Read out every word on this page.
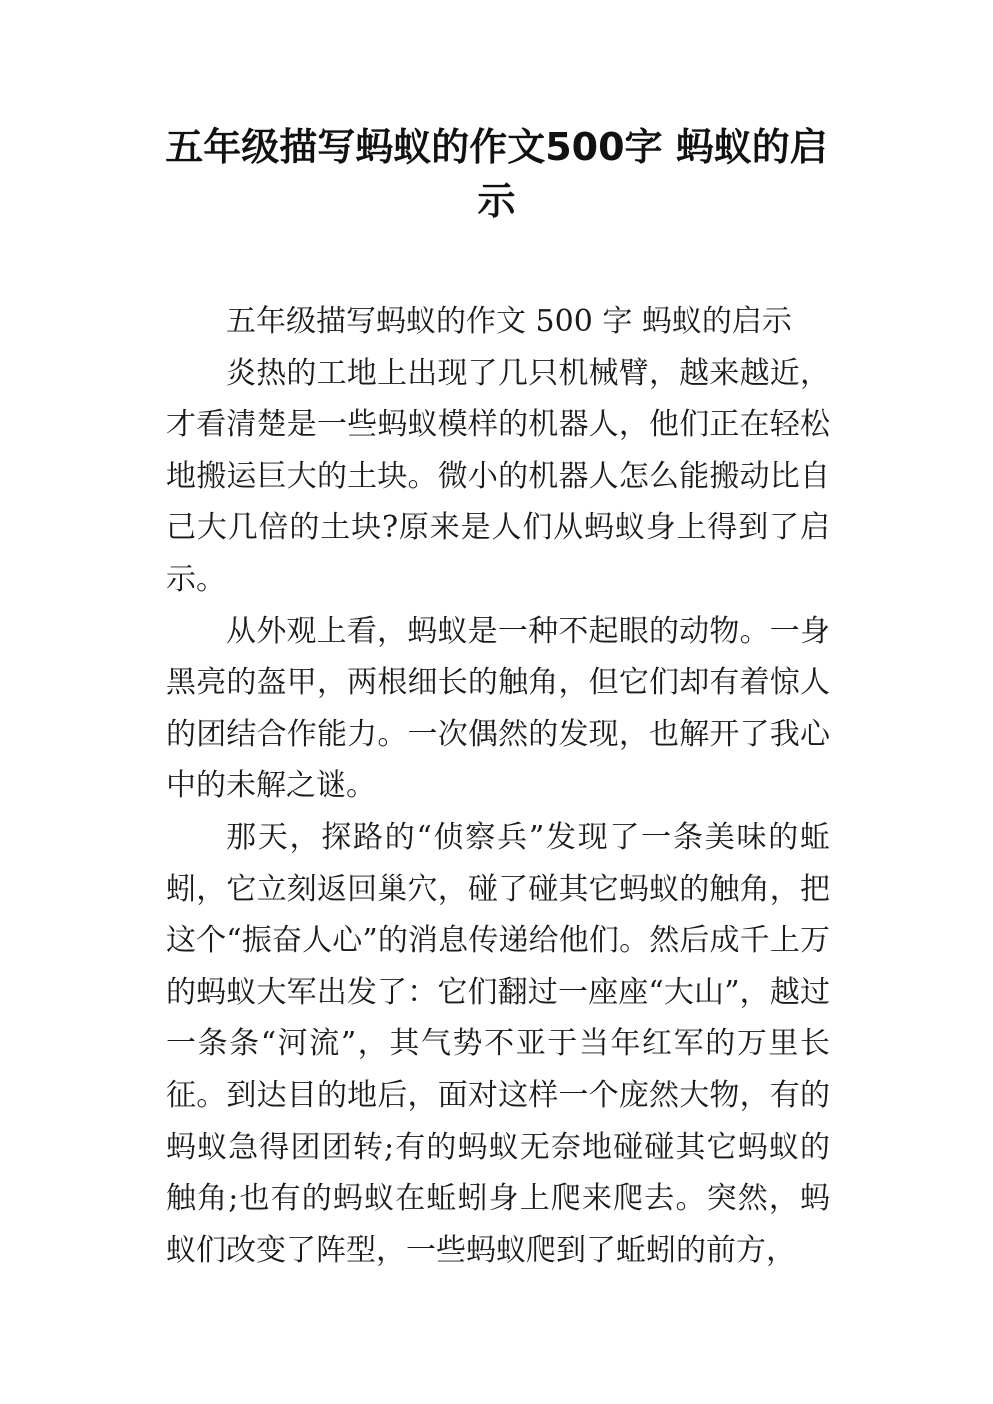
五年级描写蚂蚁的作文500字 蚂蚁的启示

五年级描写蚂蚁的作文 500 字 蚂蚁的启示

炎热的工地上出现了几只机械臂，越来越近，才看清楚是一些蚂蚁模样的机器人，他们正在轻松地搬运巨大的土块。微小的机器人怎么能搬动比自己大几倍的土块?原来是人们从蚂蚁身上得到了启示。

从外观上看，蚂蚁是一种不起眼的动物。一身黑亮的盔甲，两根细长的触角，但它们却有着惊人的团结合作能力。一次偶然的发现，也解开了我心中的未解之谜。

那天，探路的“侦察兵”发现了一条美味的蚯蚓，它立刻返回巢穴，碰了碰其它蚂蚁的触角，把这个“振奋人心”的消息传递给他们。然后成千上万的蚂蚁大军出发了：它们翻过一座座“大山”，越过一条条“河流”，其气势不亚于当年红军的万里长征。到达目的地后，面对这样一个庞然大物，有的蚂蚁急得团团转;有的蚂蚁无奈地碰碰其它蚂蚁的触角;也有的蚂蚁在蚯蚓身上爬来爬去。突然，蚂蚁们改变了阵型，一些蚂蚁爬到了蚯蚓的前方，
